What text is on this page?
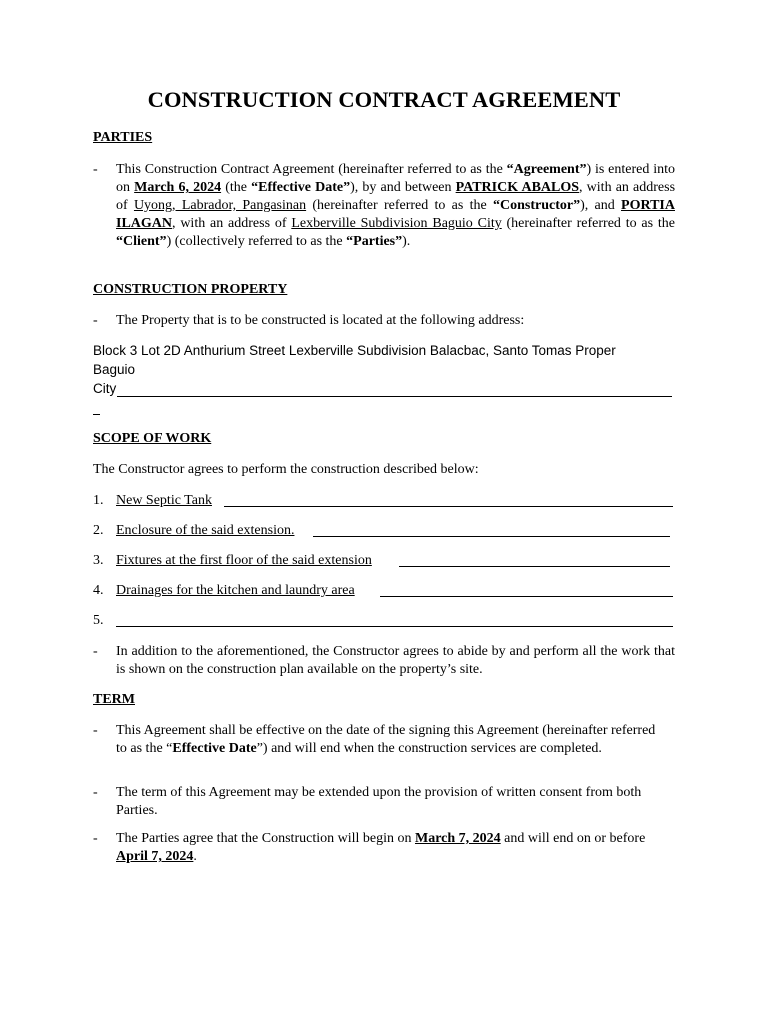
CONSTRUCTION CONTRACT AGREEMENT
PARTIES
- This Construction Contract Agreement (hereinafter referred to as the “Agreement”) is entered into on March 6, 2024 (the “Effective Date”), by and between PATRICK ABALOS, with an address of Uyong, Labrador, Pangasinan (hereinafter referred to as the “Constructor”), and PORTIA ILAGAN, with an address of Lexberville Subdivision Baguio City (hereinafter referred to as the “Client”) (collectively referred to as the “Parties”).
CONSTRUCTION PROPERTY
- The Property that is to be constructed is located at the following address:
Block 3 Lot 2D Anthurium Street Lexberville Subdivision Balacbac, Santo Tomas Proper
Baguio
City
SCOPE OF WORK
The Constructor agrees to perform the construction described below:
1. New Septic Tank
2. Enclosure of the said extension.
3. Fixtures at the first floor of the said extension
4. Drainages for the kitchen and laundry area
5.
- In addition to the aforementioned, the Constructor agrees to abide by and perform all the work that is shown on the construction plan available on the property’s site.
TERM
- This Agreement shall be effective on the date of the signing this Agreement (hereinafter referred to as the “Effective Date”) and will end when the construction services are completed.
- The term of this Agreement may be extended upon the provision of written consent from both Parties.
- The Parties agree that the Construction will begin on March 7, 2024 and will end on or before April 7, 2024.
